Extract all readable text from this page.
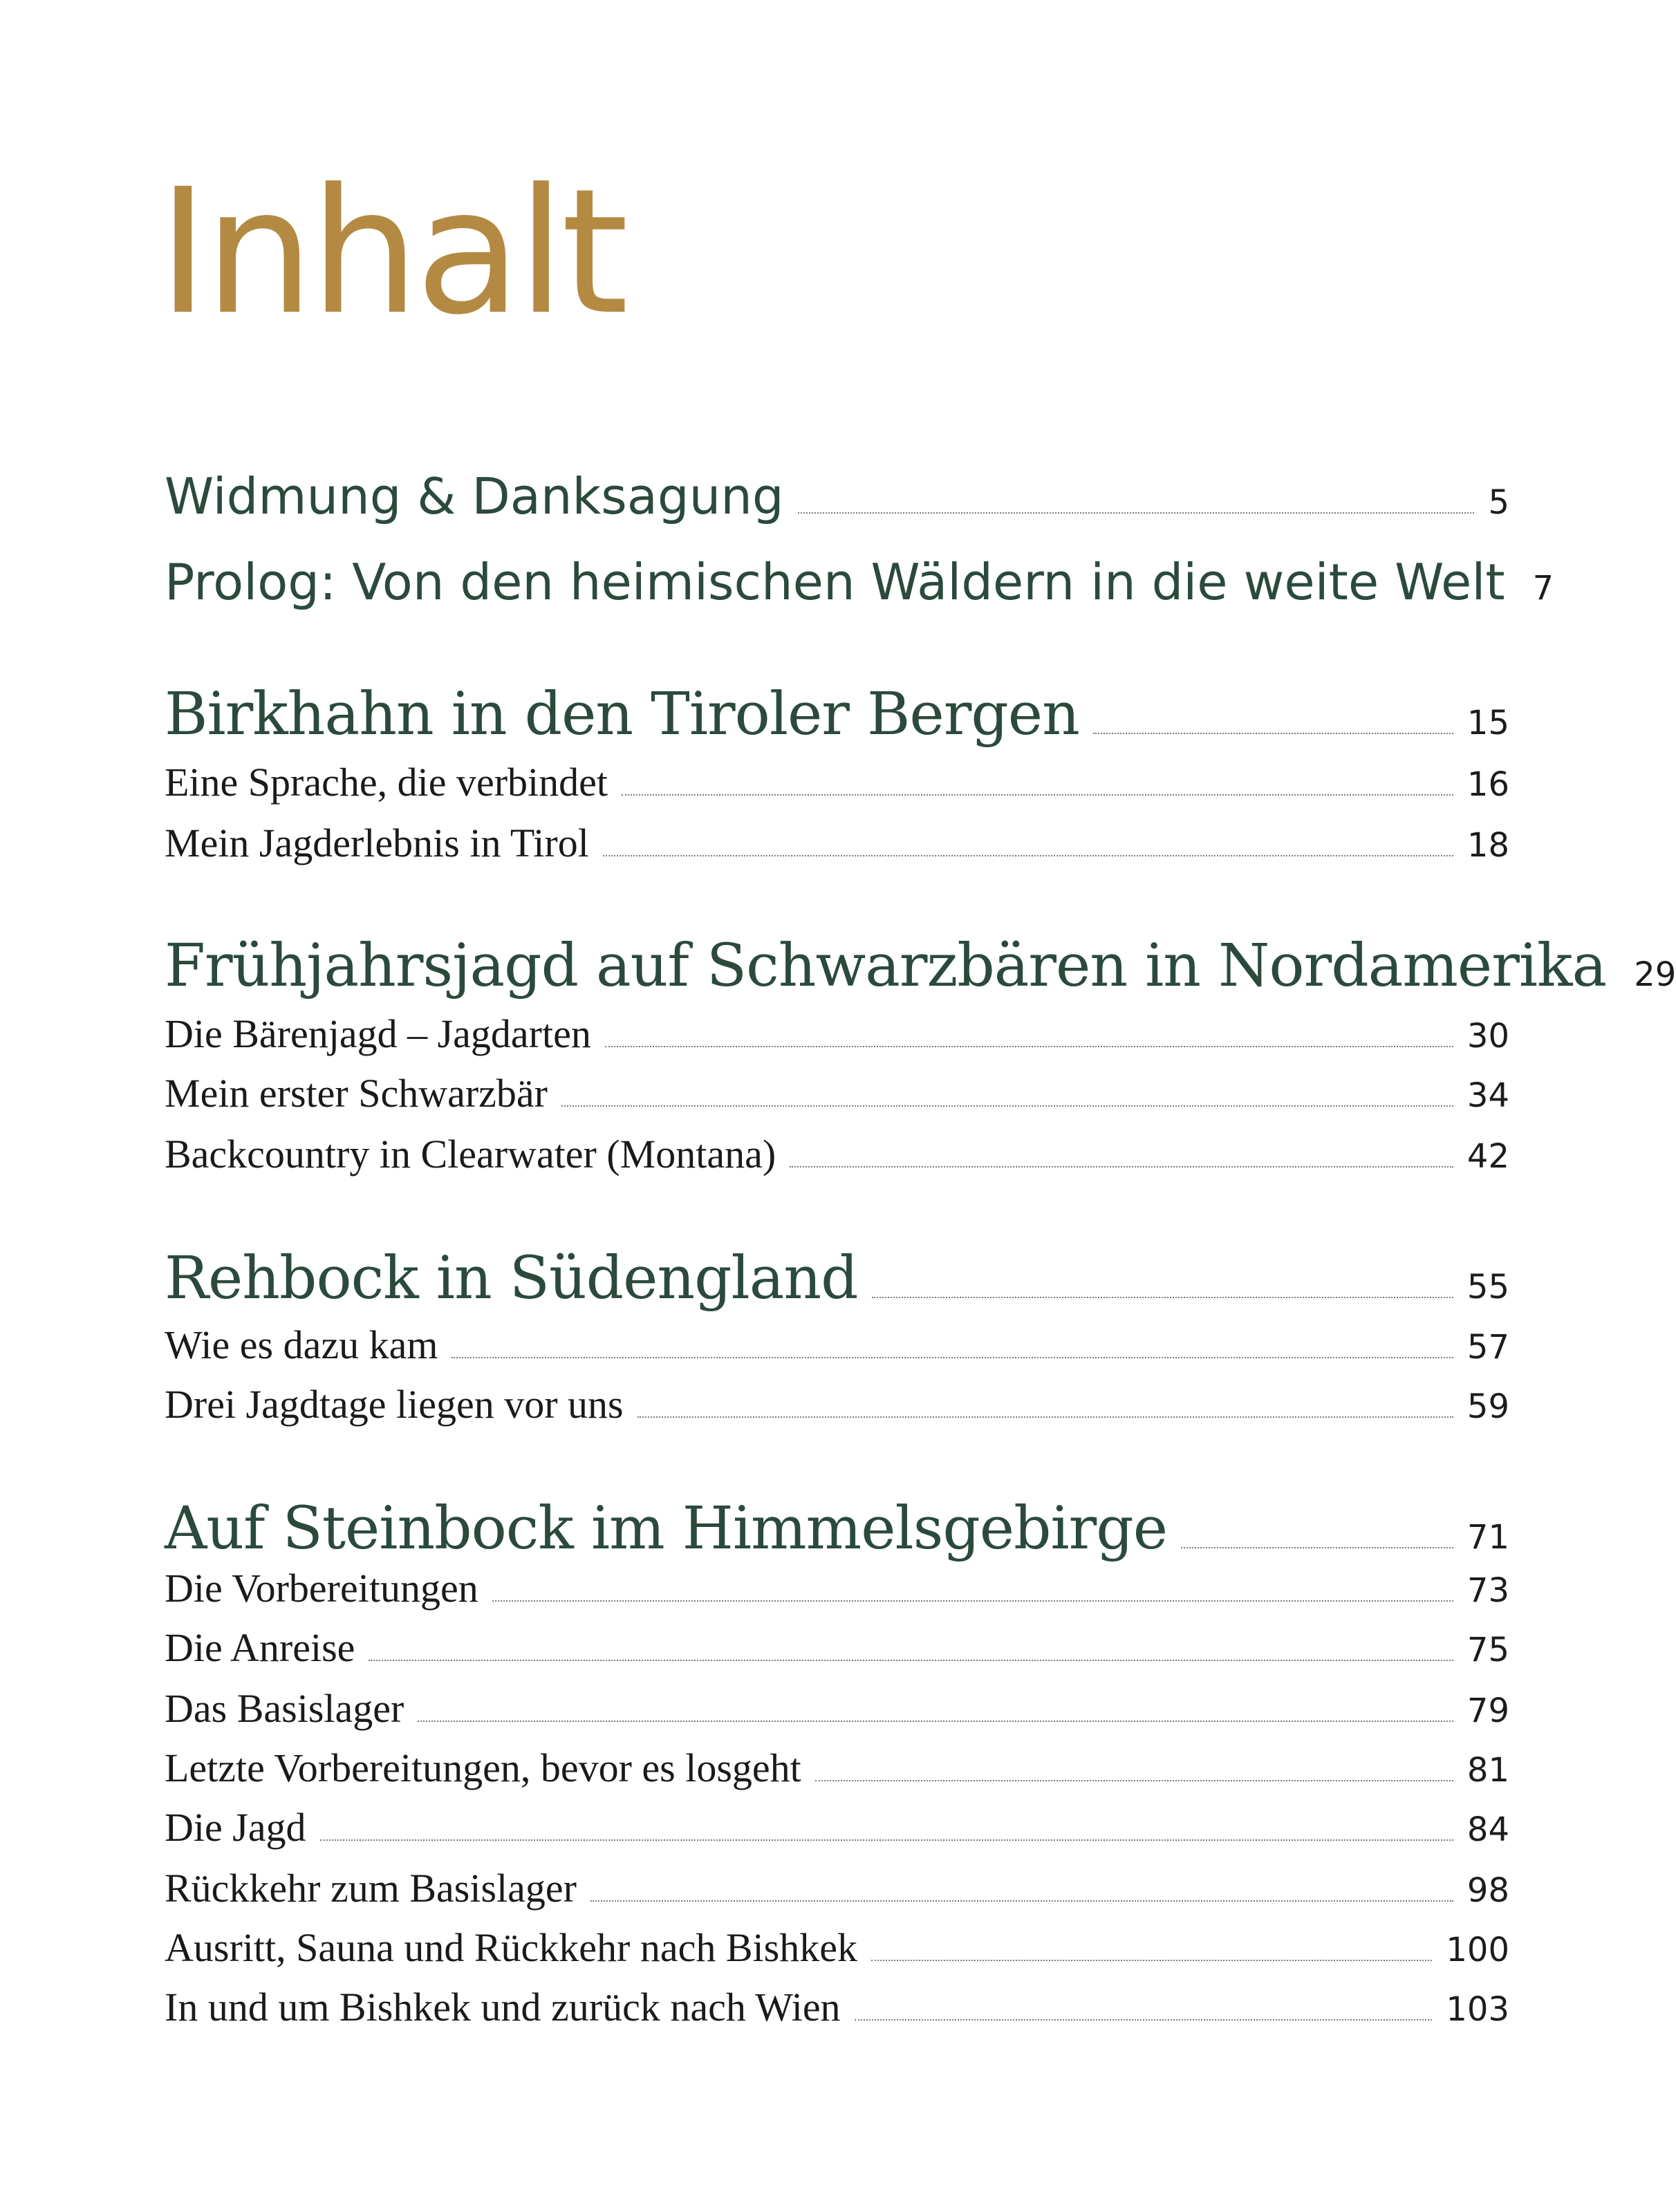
Inhalt
Widmung & Danksagung	5
Prolog: Von den heimischen Wäldern in die weite Welt 7
Birkhahn in den Tiroler Bergen	15
Eine Sprache, die verbindet	16
Mein Jagderlebnis in Tirol	18
Frühjahrsjagd auf Schwarzbären in Nordamerika 29
Die Bärenjagd – Jagdarten	30
Mein erster Schwarzbär	34
Backcountry in Clearwater (Montana)	42
Rehbock in Südengland	55
Wie es dazu kam	57
Drei Jagdtage liegen vor uns	59
Auf Steinbock im Himmelsgebirge	71
Die Vorbereitungen	73
Die Anreise	75
Das Basislager	79
Letzte Vorbereitungen, bevor es losgeht	81
Die Jagd	84
Rückkehr zum Basislager	98
Ausritt, Sauna und Rückkehr nach Bishkek	100
In und um Bishkek und zurück nach Wien	103
